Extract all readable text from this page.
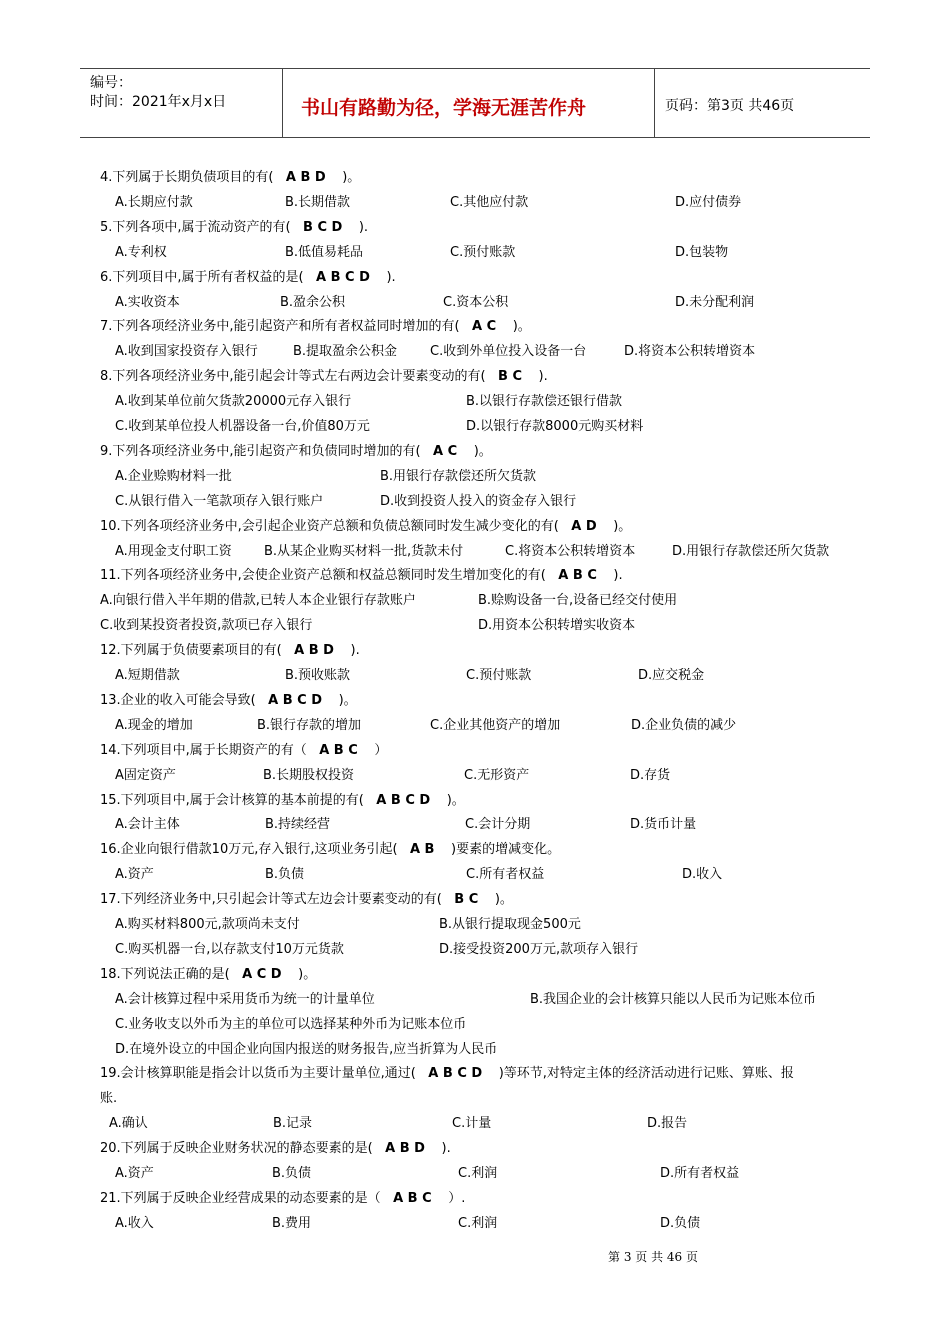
编号：
时间：2021年x月x日	书山有路勤为径，学海无涯苦作舟	页码：第3页 共46页
4.下列属于长期负债项目的有( A B D )。
A.长期应付款	B.长期借款	C.其他应付款	D.应付债券
5.下列各项中,属于流动资产的有( B C D ).
A.专利权	B.低值易耗品	C.预付账款	D.包装物
6.下列项目中,属于所有者权益的是( A B C D ).
A.实收资本	B.盈余公积	C.资本公积	D.未分配利润
7.下列各项经济业务中,能引起资产和所有者权益同时增加的有( A C )。
A.收到国家投资存入银行	B.提取盈余公积金	C.收到外单位投入设备一台	D.将资本公积转增资本
8.下列各项经济业务中,能引起会计等式左右两边会计要素变动的有( B C ).
A.收到某单位前欠货款20000元存入银行	B.以银行存款偿还银行借款
C.收到某单位投人机器设备一台,价值80万元	D.以银行存款8000元购买材料
9.下列各项经济业务中,能引起资产和负债同时增加的有( A C )。
A.企业赊购材料一批	B.用银行存款偿还所欠货款
C.从银行借入一笔款项存入银行账户	D.收到投资人投入的资金存入银行
10.下列各项经济业务中,会引起企业资产总额和负债总额同时发生减少变化的有( A D )。
A.用现金支付职工资 B.从某企业购买材料一批,货款未付	C.将资本公积转增资本	D.用银行存款偿还所欠货款
11.下列各项经济业务中,会使企业资产总额和权益总额同时发生增加变化的有( A B C ).
A.向银行借入半年期的借款,已转人本企业银行存款账户	B.赊购设备一台,设备已经交付使用
C.收到某投资者投资,款项已存入银行	D.用资本公积转增实收资本
12.下列属于负债要素项目的有( A B D ).
A.短期借款	B.预收账款	C.预付账款	D.应交税金
13.企业的收入可能会导致( A B C D )。
A.现金的增加	B.银行存款的增加	C.企业其他资产的增加	D.企业负债的减少
14.下列项目中,属于长期资产的有（ A B C ）
A固定资产	B.长期股权投资	C.无形资产	D.存货
15.下列项目中,属于会计核算的基本前提的有( A B C D )。
A.会计主体	B.持续经营	C.会计分期	D.货币计量
16.企业向银行借款10万元,存入银行,这项业务引起( A B )要素的增减变化。
A.资产	B.负债	C.所有者权益	D.收入
17.下列经济业务中,只引起会计等式左边会计要素变动的有( B C )。
A.购买材料800元,款项尚未支付	B.从银行提取现金500元
C.购买机器一台,以存款支付10万元货款	D.接受投资200万元,款项存入银行
18.下列说法正确的是( A C D )。
A.会计核算过程中采用货币为统一的计量单位	B.我国企业的会计核算只能以人民币为记账本位币
C.业务收支以外币为主的单位可以选择某种外币为记账本位币
D.在境外设立的中国企业向国内报送的财务报告,应当折算为人民币
19.会计核算职能是指会计以货币为主要计量单位,通过( A B C D )等环节,对特定主体的经济活动进行记账、算账、报
账.
A.确认	B.记录	C.计量	D.报告
20.下列属于反映企业财务状况的静态要素的是( A B D ).
A.资产	B.负债	C.利润	D.所有者权益
21.下列属于反映企业经营成果的动态要素的是（ A B C ）.
A.收入	B.费用	C.利润	D.负债
第 3 页 共 46 页
